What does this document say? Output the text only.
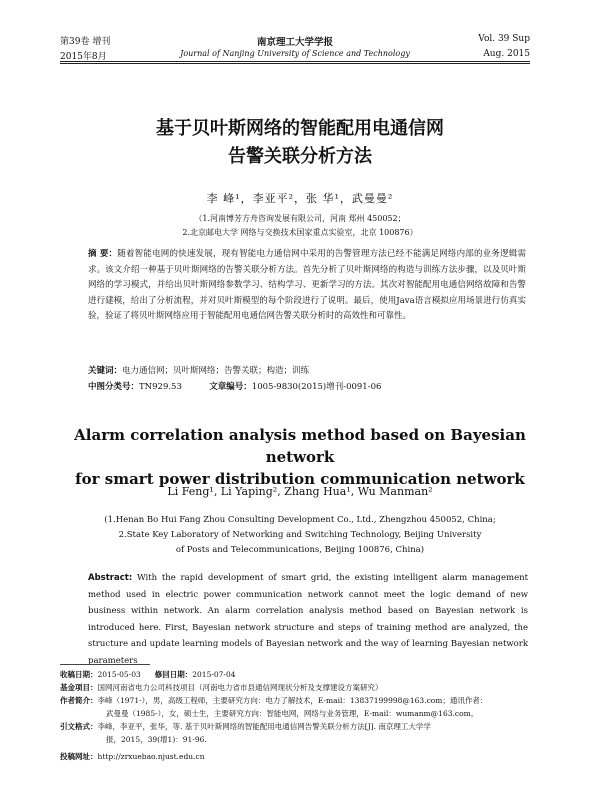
第39卷 增刊
2015年8月
南京理工大学学报
Journal of Nanjing University of Science and Technology
Vol. 39 Sup
Aug. 2015
基于贝叶斯网络的智能配用电通信网
告警关联分析方法
李 峰¹，李亚平²，张 华¹，武曼曼²
（1.河南博芳方舟咨询发展有限公司，河南 郑州 450052；
2.北京邮电大学 网络与交换技术国家重点实验室，北京 100876）
摘 要：随着智能电网的快速发展，现有智能电力通信网中采用的告警管理方法已经不能满足网络内部的业务逻辑需求。该文介绍一种基于贝叶斯网络的告警关联分析方法。首先分析了贝叶斯网络的构造与训练方法步骤，以及贝叶斯网络的学习模式，并给出贝叶斯网络参数学习、结构学习、更新学习的方法。其次对智能配用电通信网络故障和告警进行建模，给出了分析流程，并对贝叶斯模型的每个阶段进行了说明。最后，使用Java语言模拟应用场景进行仿真实验，验证了将贝叶斯网络应用于智能配用电通信网告警关联分析时的高效性和可靠性。
关键词：电力通信网；贝叶斯网络；告警关联；构造；训练
中图分类号：TN929.53	文章编号：1005-9830(2015)增刊-0091-06
Alarm correlation analysis method based on Bayesian network
for smart power distribution communication network
Li Feng¹, Li Yaping², Zhang Hua¹, Wu Manman²
(1.Henan Bo Hui Fang Zhou Consulting Development Co., Ltd., Zhengzhou 450052, China;
2.State Key Laboratory of Networking and Switching Technology, Beijing University
of Posts and Telecommunications, Beijing 100876, China)
Abstract: With the rapid development of smart grid, the existing intelligent alarm management method used in electric power communication network cannot meet the logic demand of new business within network. An alarm correlation analysis method based on Bayesian network is introduced here. First, Bayesian network structure and steps of training method are analyzed, the structure and update learning models of Bayesian network and the way of learning Bayesian network parameters
收稿日期： 2015-05-03 修回日期： 2015-07-04
基金项目： 国网河南省电力公司科技项目（河南电力省市县通信网现状分析及支撑建设方案研究）
作者简介： 李峰（1971-），男，高级工程师，主要研究方向：电力了解技术，E-mail：13837199998@163.com；通讯作者：
武曼曼（1985-），女，硕士生，主要研究方向：智能电网，网络与业务管理，E-mail：wumanm@163.com。
引文格式： 李峰，李亚平，张华，等. 基于贝叶斯网络的智能配用电通信网告警关联分析方法[J]. 南京理工大学学
报，2015，39(增1)：91-96.
投稿网址： http://zrxuebao.njust.edu.cn
